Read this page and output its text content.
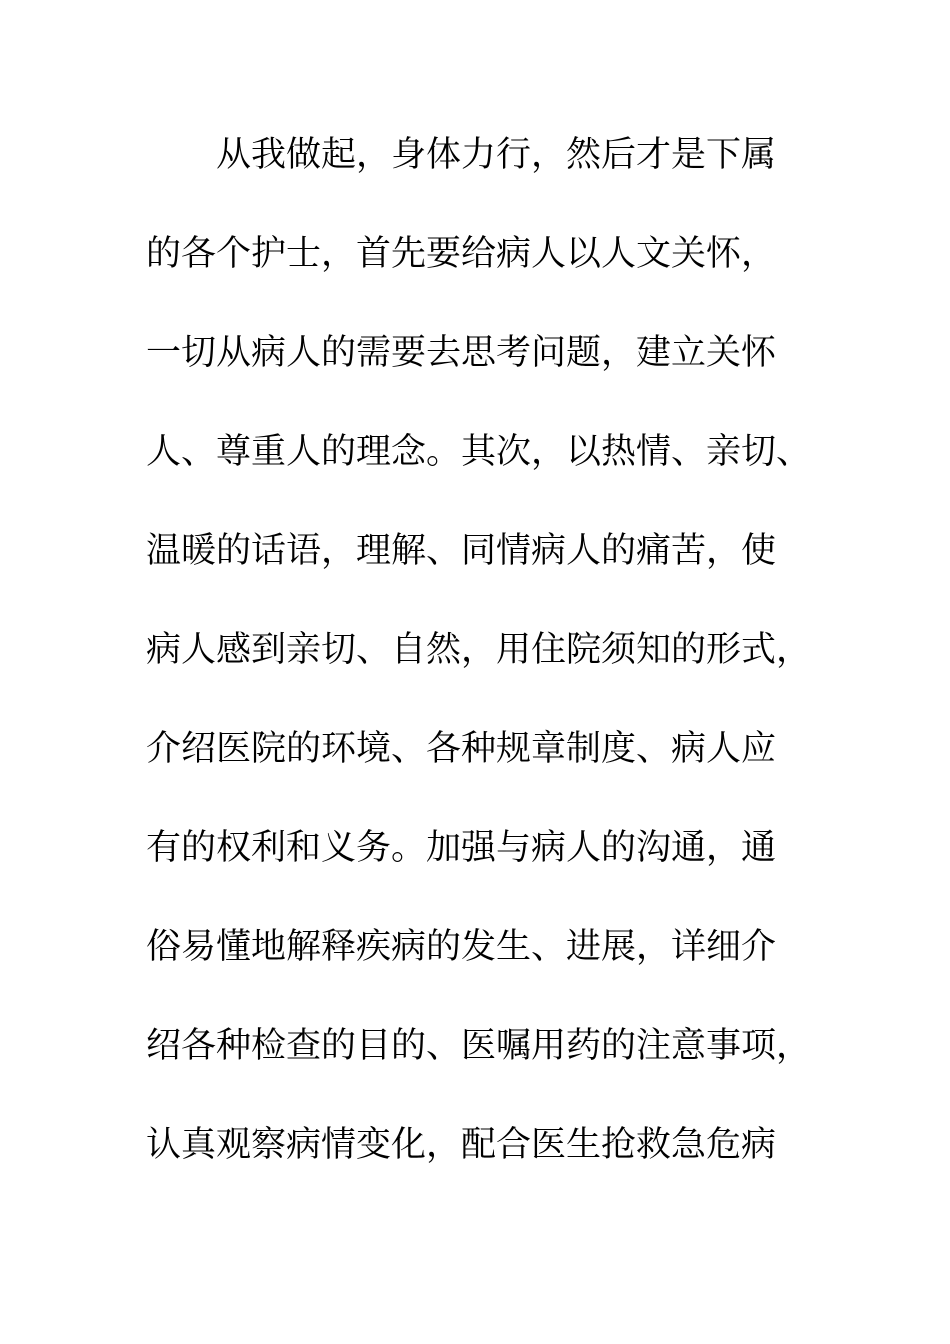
　　从我做起，身体力行，然后才是下属
的各个护士，首先要给病人以人文关怀，
一切从病人的需要去思考问题，建立关怀
人、尊重人的理念。其次，以热情、亲切、
温暖的话语，理解、同情病人的痛苦，使
病人感到亲切、自然，用住院须知的形式，
介绍医院的环境、各种规章制度、病人应
有的权利和义务。加强与病人的沟通，通
俗易懂地解释疾病的发生、进展，详细介
绍各种检查的目的、医嘱用药的注意事项，
认真观察病情变化，配合医生抢救急危病
